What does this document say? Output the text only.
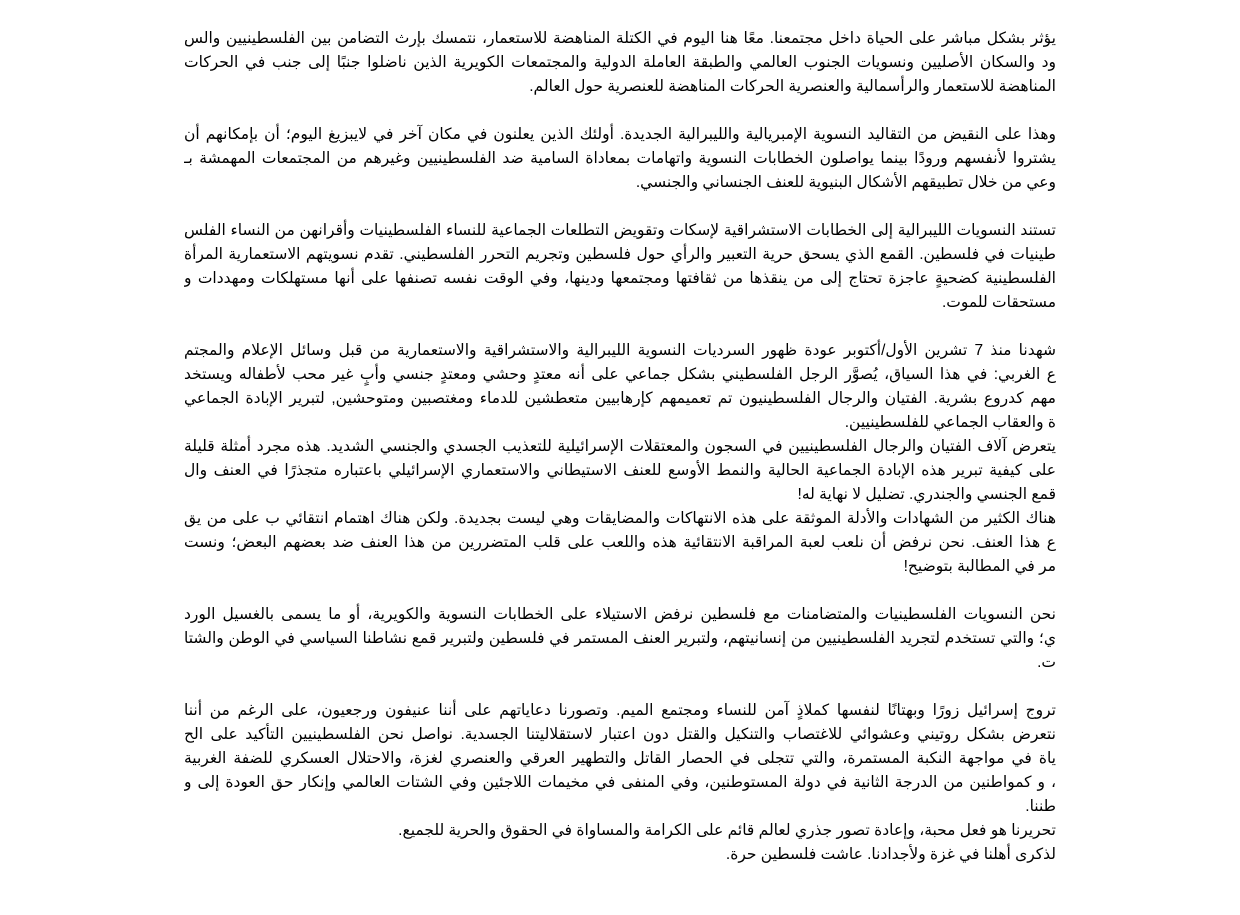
يؤثر بشكل مباشر على الحياة داخل مجتمعنا. معًا هنا اليوم في الكتلة المناهضة للاستعمار، نتمسك بإرث التضامن بين الفلسطينيين والس
ود والسكان الأصليين ونسويات الجنوب العالمي والطبقة العاملة الدولية والمجتمعات الكويرية الذين ناضلوا جنبًا إلى جنب في الحركات
المناهضة للاستعمار والرأسمالية والعنصرية الحركات المناهضة للعنصرية حول العالم.
وهذا على النقيض من التقاليد النسوية الإمبريالية والليبرالية الجديدة. أولئك الذين يعلنون في مكان آخر في لايبزيغ اليوم؛ أن بإمكانهم أن
يشتروا لأنفسهم ورودًا بينما يواصلون الخطابات النسوية واتهامات بمعاداة السامية ضد الفلسطينيين وغيرهم من المجتمعات المهمشة بـ
وعي من خلال تطبيقهم الأشكال البنيوية للعنف الجنساني والجنسي.
تستند النسويات الليبرالية إلى الخطابات الاستشراقية لإسكات وتقويض التطلعات الجماعية للنساء الفلسطينيات وأقرانهن من النساء الفلس
طينيات في فلسطين. القمع الذي يسحق حرية التعبير والرأي حول فلسطين وتجريم التحرر الفلسطيني. تقدم نسويتهم الاستعمارية المرأة
الفلسطينية كضحيةٍ عاجزة تحتاج إلى من ينقذها من ثقافتها ومجتمعها ودينها، وفي الوقت نفسه تصنفها على أنها مستهلكات ومهددات و
مستحقات للموت.
شهدنا منذ 7 تشرين الأول/أكتوبر عودة ظهور السرديات النسوية الليبرالية والاستشراقية والاستعمارية من قبل وسائل الإعلام والمجتم
ع الغربي: في هذا السياق، يُصوَّر الرجل الفلسطيني بشكل جماعي على أنه معتدٍ وحشي ومعتدٍ جنسي وأبٍ غير محب لأطفاله ويستخد
مهم كدروع بشرية. الفتيان والرجال الفلسطينيون تم تعميمهم كإرهابيين متعطشين للدماء ومغتصبين ومتوحشين, لتبرير الإبادة الجماعي
ة والعقاب الجماعي للفلسطينيين.
يتعرض آلاف الفتيان والرجال الفلسطينيين في السجون والمعتقلات الإسرائيلية للتعذيب الجسدي والجنسي الشديد. هذه مجرد أمثلة قليلة
على كيفية تبرير هذه الإبادة الجماعية الحالية والنمط الأوسع للعنف الاستيطاني والاستعماري الإسرائيلي باعتباره متجذرًا في العنف وال
قمع الجنسي والجندري. تضليل لا نهاية له!
هناك الكثير من الشهادات والأدلة الموثقة على هذه الانتهاكات والمضايقات وهي ليست بجديدة. ولكن هناك اهتمام انتقائي ب على من يق
ع هذا العنف. نحن نرفض أن نلعب لعبة المراقبة الانتقائية هذه واللعب على قلب المتضررين من هذا العنف ضد بعضهم البعض؛ ونست
مر في المطالبة بتوضيح!
نحن النسويات الفلسطينيات والمتضامنات مع فلسطين نرفض الاستيلاء على الخطابات النسوية والكويرية، أو ما يسمى بالغسيل الورد
ي؛ والتي تستخدم لتجريد الفلسطينيين من إنسانيتهم، ولتبرير العنف المستمر في فلسطين ولتبرير قمع نشاطنا السياسي في الوطن والشتا
ت.
تروج إسرائيل زورًا وبهتانًا لنفسها كملاذٍ آمن للنساء ومجتمع الميم. وتصورنا دعاياتهم على أننا عنيفون ورجعيون، على الرغم من أننا
نتعرض بشكل روتيني وعشوائي للاغتصاب والتنكيل والقتل دون اعتبار لاستقلاليتنا الجسدية. نواصل نحن الفلسطينيين التأكيد على الح
ياة في مواجهة النكبة المستمرة، والتي تتجلى في الحصار القاتل والتطهير العرقي والعنصري لغزة، والاحتلال العسكري للضفة الغربية
، و كمواطنين من الدرجة الثانية في دولة المستوطنين، وفي المنفى في مخيمات اللاجئين وفي الشتات العالمي وإنكار حق العودة إلى و
طننا.
تحريرنا هو فعل محبة، وإعادة تصور جذري لعالم قائم على الكرامة والمساواة في الحقوق والحرية للجميع.
لذكرى أهلنا في غزة ولأجدادنا. عاشت فلسطين حرة.
